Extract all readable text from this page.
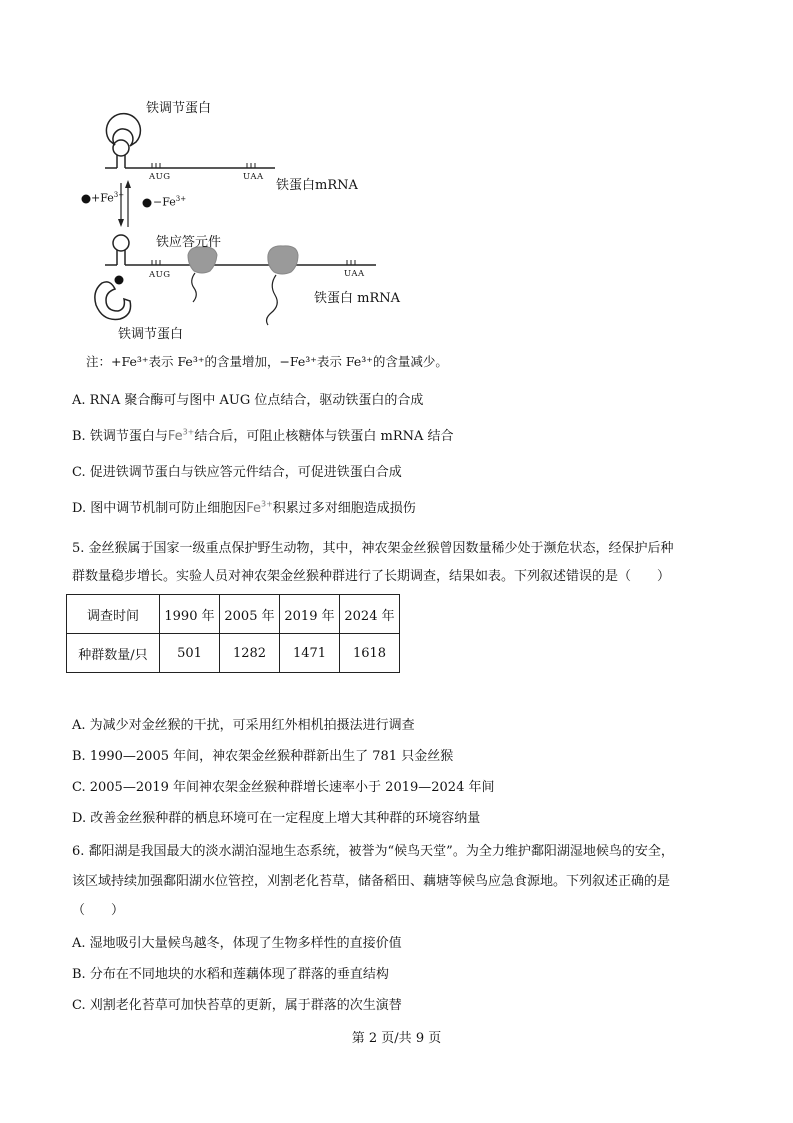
铁调节蛋白
AUG	UAA
铁蛋白mRNA
$+Fe^{3+}$
$-Fe^{3+}$
铁应答元件
AUG	UAA
铁蛋白 mRNA
铁调节蛋白
注：+Fe³⁺表示 Fe³⁺的含量增加，−Fe³⁺表示 Fe³⁺的含量减少。
A. RNA 聚合酶可与图中 AUG 位点结合，驱动铁蛋白的合成
B. 铁调节蛋白与$Fe^{3+}$结合后，可阻止核糖体与铁蛋白 mRNA 结合
C. 促进铁调节蛋白与铁应答元件结合，可促进铁蛋白合成
D. 图中调节机制可防止细胞因$Fe^{3+}$积累过多对细胞造成损伤
5. 金丝猴属于国家一级重点保护野生动物，其中，神农架金丝猴曾因数量稀少处于濒危状态，经保护后种
群数量稳步增长。实验人员对神农架金丝猴种群进行了长期调查，结果如表。下列叙述错误的是（　　）
调查时间	1990 年	2005 年	2019 年	2024 年
种群数量/只	501	1282	1471	1618
A. 为减少对金丝猴的干扰，可采用红外相机拍摄法进行调查
B. 1990—2005 年间，神农架金丝猴种群新出生了 781 只金丝猴
C. 2005—2019 年间神农架金丝猴种群增长速率小于 2019—2024 年间
D. 改善金丝猴种群的栖息环境可在一定程度上增大其种群的环境容纳量
6. 鄱阳湖是我国最大的淡水湖泊湿地生态系统，被誉为“候鸟天堂”。为全力维护鄱阳湖湿地候鸟的安全，
该区域持续加强鄱阳湖水位管控，刈割老化苔草，储备稻田、藕塘等候鸟应急食源地。下列叙述正确的是
（　　）
A. 湿地吸引大量候鸟越冬，体现了生物多样性的直接价值
B. 分布在不同地块的水稻和莲藕体现了群落的垂直结构
C. 刈割老化苔草可加快苔草的更新，属于群落的次生演替
第 2 页/共 9 页
